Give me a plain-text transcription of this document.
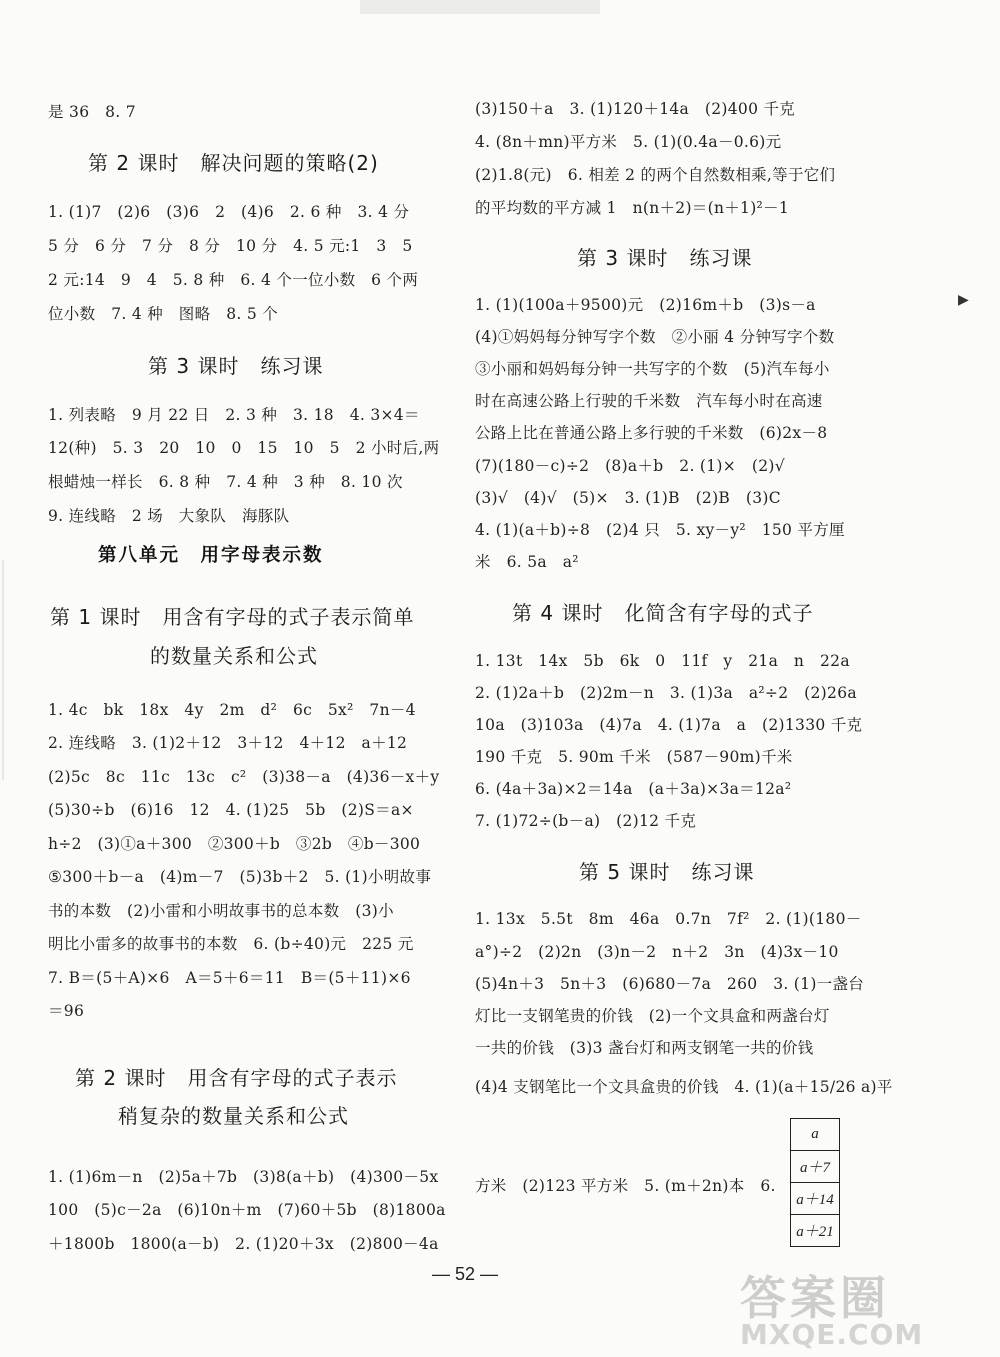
是 36　8. 7
第 2 课时　解决问题的策略(2)
1. (1)7　(2)6　(3)6　2　(4)6　2. 6 种　3. 4 分
5 分　6 分　7 分　8 分　10 分　4. 5 元:1　3　5
2 元:14　9　4　5. 8 种　6. 4 个一位小数　6 个两
位小数　7. 4 种　图略　8. 5 个
第 3 课时　练习课
1. 列表略　9 月 22 日　2. 3 种　3. 18　4. 3×4＝
12(种)　5. 3　20　10　0　15　10　5　2 小时后,两
根蜡烛一样长　6. 8 种　7. 4 种　3 种　8. 10 次
9. 连线略　2 场　大象队　海豚队
第八单元　用字母表示数
第 1 课时　用含有字母的式子表示简单
的数量关系和公式
1. 4c　bk　18x　4y　2m　d²　6c　5x²　7n－4
2. 连线略　3. (1)2＋12　3＋12　4＋12　a＋12
(2)5c　8c　11c　13c　c²　(3)38－a　(4)36－x＋y
(5)30÷b　(6)16　12　4. (1)25　5b　(2)S＝a×
h÷2　(3)①a＋300　②300＋b　③2b　④b－300
⑤300＋b－a　(4)m－7　(5)3b＋2　5. (1)小明故事
书的本数　(2)小雷和小明故事书的总本数　(3)小
明比小雷多的故事书的本数　6. (b÷40)元　225 元
7. B＝(5＋A)×6　A＝5＋6＝11　B＝(5＋11)×6
＝96
第 2 课时　用含有字母的式子表示
稍复杂的数量关系和公式
1. (1)6m－n　(2)5a＋7b　(3)8(a＋b)　(4)300－5x
100　(5)c－2a　(6)10n＋m　(7)60＋5b　(8)1800a
＋1800b　1800(a－b)　2. (1)20＋3x　(2)800－4a
(3)150＋a　3. (1)120＋14a　(2)400 千克
4. (8n＋mn)平方米　5. (1)(0.4a－0.6)元
(2)1.8(元)　6. 相差 2 的两个自然数相乘,等于它们
的平均数的平方减 1　n(n＋2)＝(n＋1)²－1
第 3 课时　练习课
1. (1)(100a＋9500)元　(2)16m＋b　(3)s－a
(4)①妈妈每分钟写字个数　②小丽 4 分钟写字个数
③小丽和妈妈每分钟一共写字的个数　(5)汽车每小
时在高速公路上行驶的千米数　汽车每小时在高速
公路上比在普通公路上多行驶的千米数　(6)2x－8
(7)(180－c)÷2　(8)a＋b　2. (1)×　(2)√
(3)√　(4)√　(5)×　3. (1)B　(2)B　(3)C
4. (1)(a＋b)÷8　(2)4 只　5. xy－y²　150 平方厘
米　6. 5a　a²
第 4 课时　化简含有字母的式子
1. 13t　14x　5b　6k　0　11f　y　21a　n　22a
2. (1)2a＋b　(2)2m－n　3. (1)3a　a²÷2　(2)26a
10a　(3)103a　(4)7a　4. (1)7a　a　(2)1330 千克
190 千克　5. 90m 千米　(587－90m)千米
6. (4a＋3a)×2＝14a　(a＋3a)×3a＝12a²
7. (1)72÷(b－a)　(2)12 千克
第 5 课时　练习课
1. 13x　5.5t　8m　46a　0.7n　7f²　2. (1)(180－
a°)÷2　(2)2n　(3)n－2　n＋2　3n　(4)3x－10
(5)4n＋3　5n＋3　(6)680－7a　260　3. (1)一盏台
灯比一支钢笔贵的价钱　(2)一个文具盒和两盏台灯
一共的价钱　(3)3 盏台灯和两支钢笔一共的价钱
(4)4 支钢笔比一个文具盒贵的价钱　4. (1)(a＋15/26 a)平
方米　(2)123 平方米　5. (m＋2n)本　6.
a
a＋7
a＋14
a＋21
▶
— 52 —	答案圈
MXQE.COM
